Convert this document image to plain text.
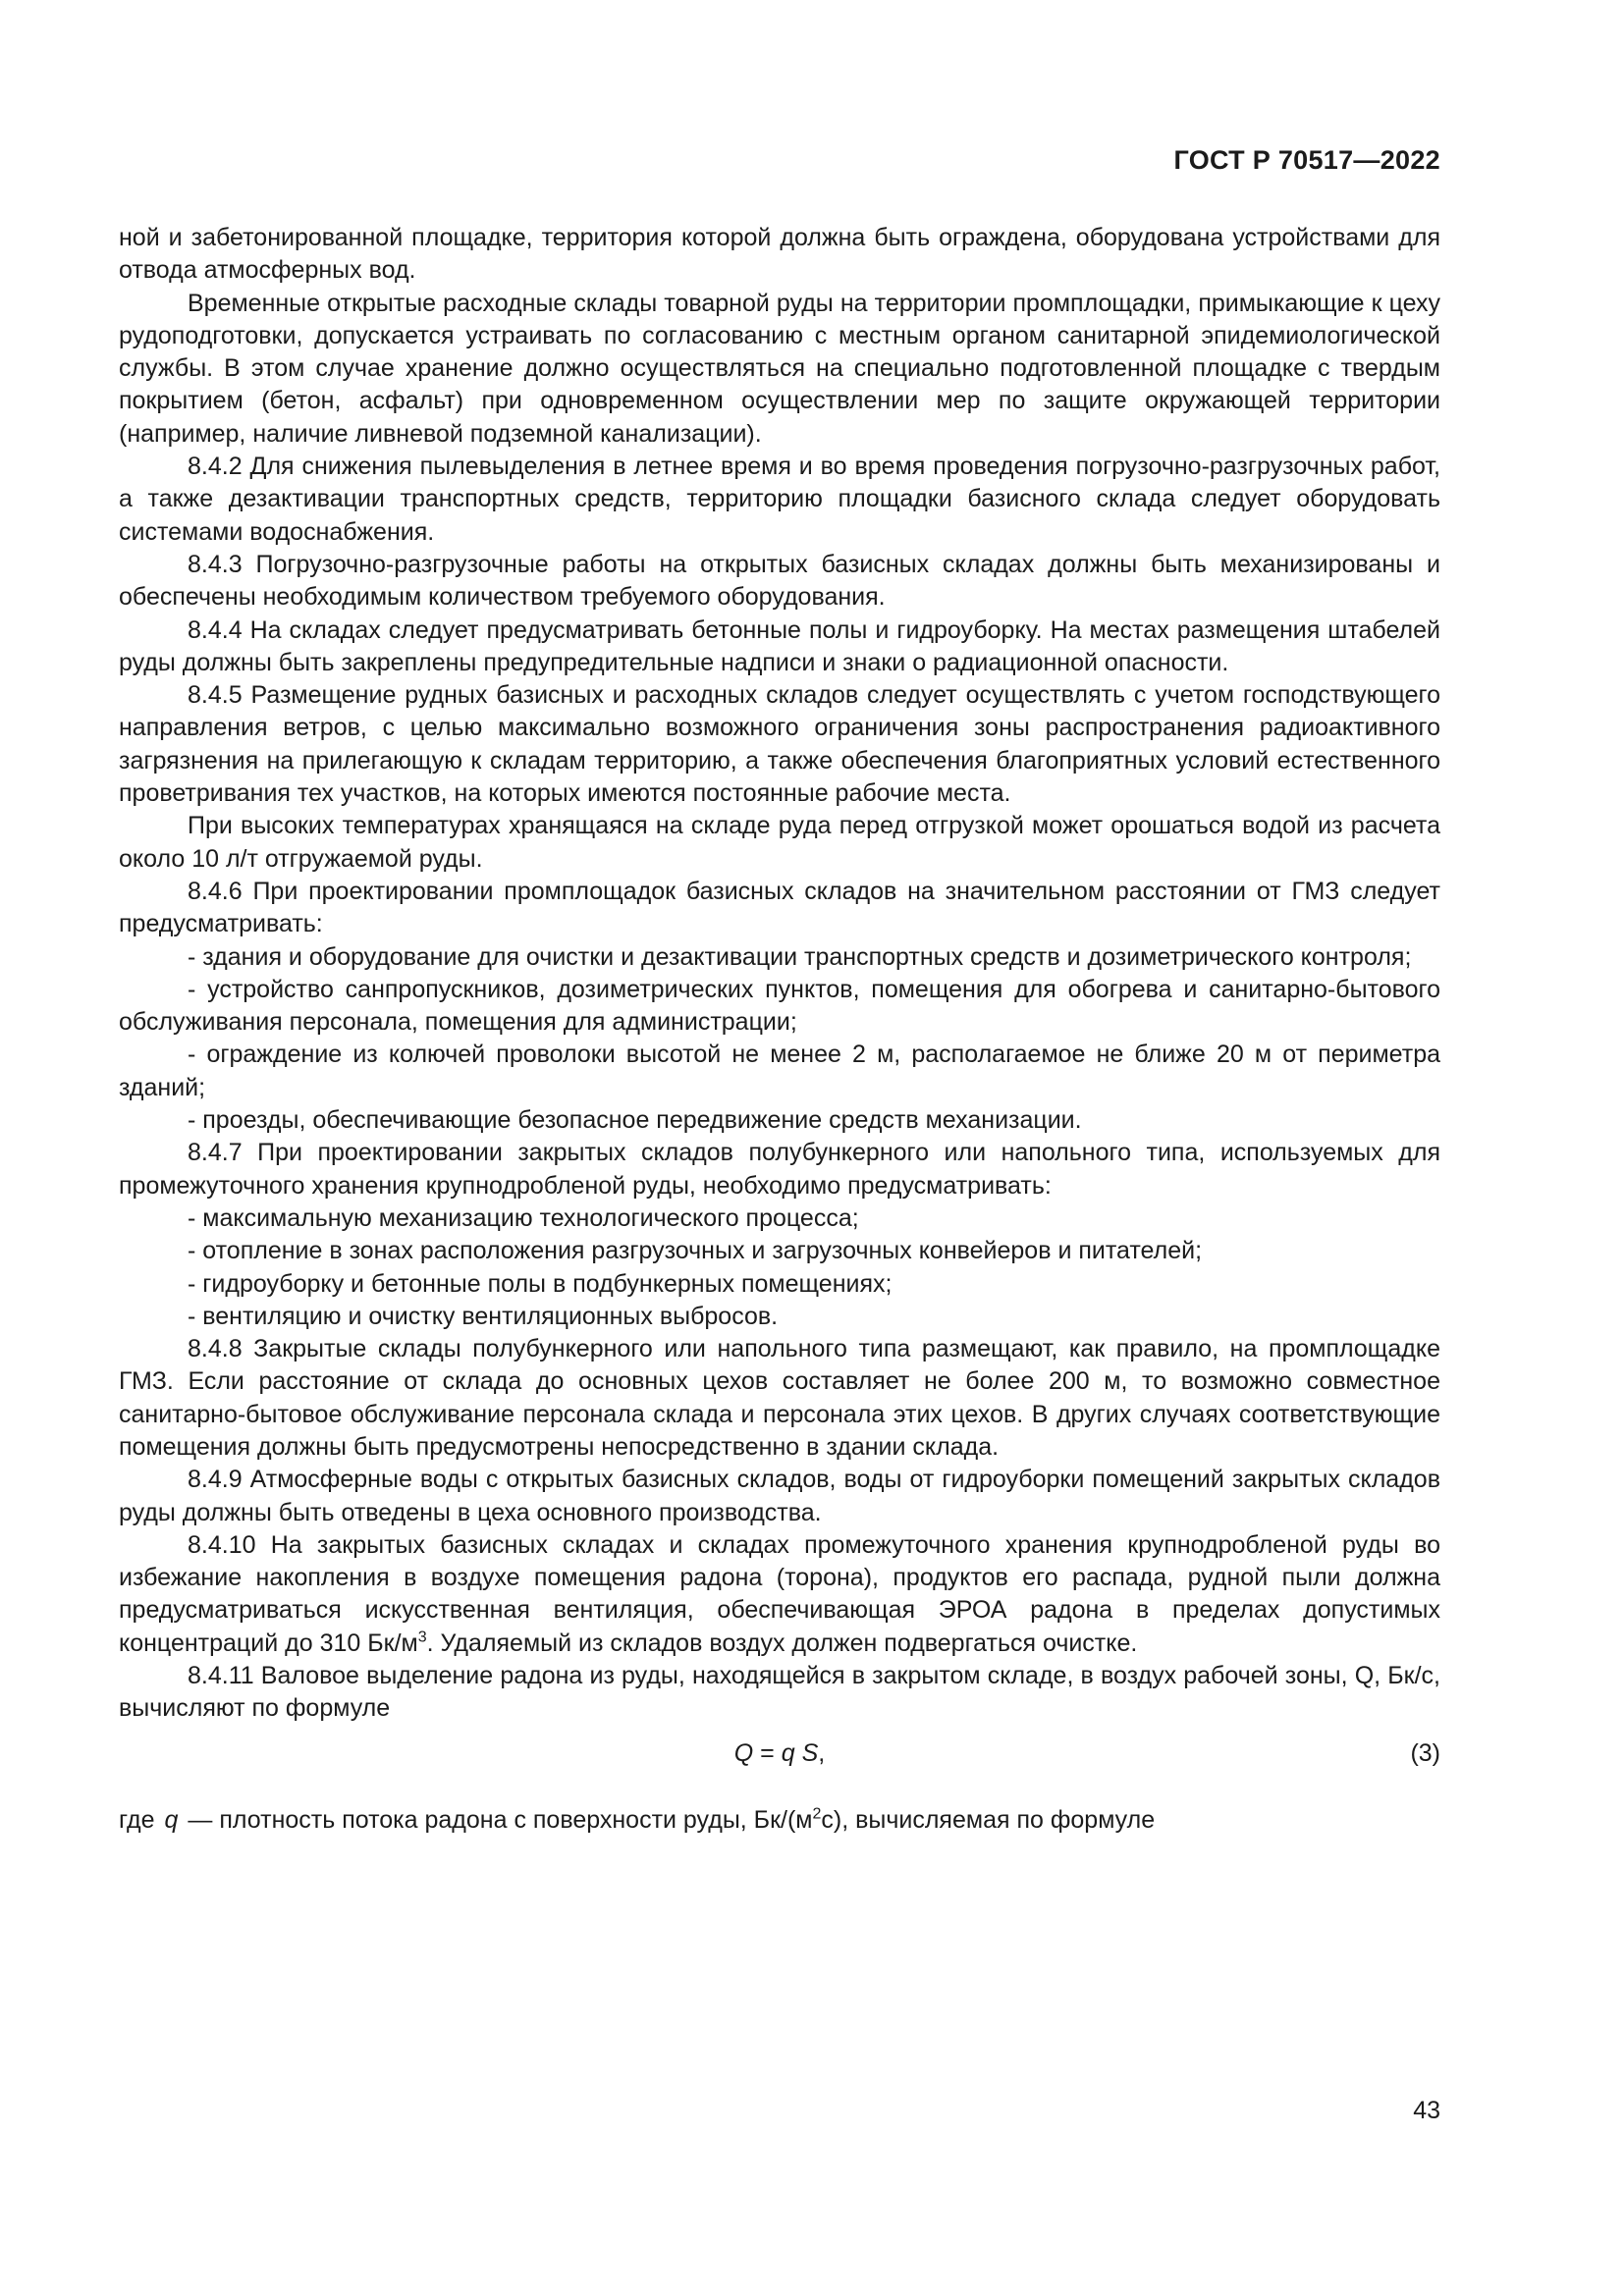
ГОСТ Р 70517—2022

ной и забетонированной площадке, территория которой должна быть ограждена, оборудована устройствами для отвода атмосферных вод.

Временные открытые расходные склады товарной руды на территории промплощадки, примыкающие к цеху рудоподготовки, допускается устраивать по согласованию с местным органом санитарной эпидемиологической службы. В этом случае хранение должно осуществляться на специально подготовленной площадке с твердым покрытием (бетон, асфальт) при одновременном осуществлении мер по защите окружающей территории (например, наличие ливневой подземной канализации).

8.4.2 Для снижения пылевыделения в летнее время и во время проведения погрузочно-разгрузочных работ, а также дезактивации транспортных средств, территорию площадки базисного склада следует оборудовать системами водоснабжения.

8.4.3 Погрузочно-разгрузочные работы на открытых базисных складах должны быть механизированы и обеспечены необходимым количеством требуемого оборудования.

8.4.4 На складах следует предусматривать бетонные полы и гидроуборку. На местах размещения штабелей руды должны быть закреплены предупредительные надписи и знаки о радиационной опасности.

8.4.5 Размещение рудных базисных и расходных складов следует осуществлять с учетом господствующего направления ветров, с целью максимально возможного ограничения зоны распространения радиоактивного загрязнения на прилегающую к складам территорию, а также обеспечения благоприятных условий естественного проветривания тех участков, на которых имеются постоянные рабочие места.

При высоких температурах хранящаяся на складе руда перед отгрузкой может орошаться водой из расчета около 10 л/т отгружаемой руды.

8.4.6 При проектировании промплощадок базисных складов на значительном расстоянии от ГМЗ следует предусматривать:

- здания и оборудование для очистки и дезактивации транспортных средств и дозиметрического контроля;

- устройство санпропускников, дозиметрических пунктов, помещения для обогрева и санитарно-бытового обслуживания персонала, помещения для администрации;

- ограждение из колючей проволоки высотой не менее 2 м, располагаемое не ближе 20 м от периметра зданий;

- проезды, обеспечивающие безопасное передвижение средств механизации.

8.4.7 При проектировании закрытых складов полубункерного или напольного типа, используемых для промежуточного хранения крупнодробленой руды, необходимо предусматривать:

- максимальную механизацию технологического процесса;

- отопление в зонах расположения разгрузочных и загрузочных конвейеров и питателей;

- гидроуборку и бетонные полы в подбункерных помещениях;

- вентиляцию и очистку вентиляционных выбросов.

8.4.8 Закрытые склады полубункерного или напольного типа размещают, как правило, на промплощадке ГМЗ. Если расстояние от склада до основных цехов составляет не более 200 м, то возможно совместное санитарно-бытовое обслуживание персонала склада и персонала этих цехов. В других случаях соответствующие помещения должны быть предусмотрены непосредственно в здании склада.

8.4.9 Атмосферные воды с открытых базисных складов, воды от гидроуборки помещений закрытых складов руды должны быть отведены в цеха основного производства.

8.4.10 На закрытых базисных складах и складах промежуточного хранения крупнодробленой руды во избежание накопления в воздухе помещения радона (торона), продуктов его распада, рудной пыли должна предусматриваться искусственная вентиляция, обеспечивающая ЭРОА радона в пределах допустимых концентраций до 310 $Бк/м^3$. Удаляемый из складов воздух должен подвергаться очистке.

8.4.11 Валовое выделение радона из руды, находящейся в закрытом складе, в воздух рабочей зоны, Q, Бк/с, вычисляют по формуле

Q = q S,	(3)

где q — плотность потока радона с поверхности руды, $Бк/(м^2с)$, вычисляемая по формуле

43
